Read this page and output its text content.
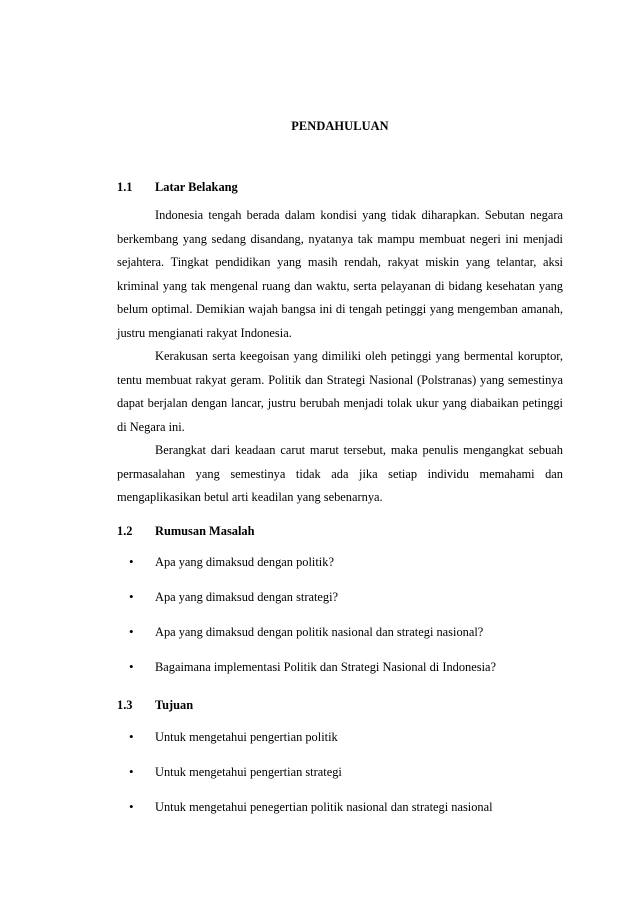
PENDAHULUAN
1.1 Latar Belakang

Indonesia tengah berada dalam kondisi yang tidak diharapkan. Sebutan negara berkembang yang sedang disandang, nyatanya tak mampu membuat negeri ini menjadi sejahtera. Tingkat pendidikan yang masih rendah, rakyat miskin yang telantar, aksi kriminal yang tak mengenal ruang dan waktu, serta pelayanan di bidang kesehatan yang belum optimal. Demikian wajah bangsa ini di tengah petinggi yang mengemban amanah, justru mengianati rakyat Indonesia.

Kerakusan serta keegoisan yang dimiliki oleh petinggi yang bermental koruptor, tentu membuat rakyat geram. Politik dan Strategi Nasional (Polstranas) yang semestinya dapat berjalan dengan lancar, justru berubah menjadi tolak ukur yang diabaikan petinggi di Negara ini.

Berangkat dari keadaan carut marut tersebut, maka penulis mengangkat sebuah permasalahan yang semestinya tidak ada jika setiap individu memahami dan mengaplikasikan betul arti keadilan yang sebenarnya.

1.2 Rumusan Masalah
• Apa yang dimaksud dengan politik?
• Apa yang dimaksud dengan strategi?
• Apa yang dimaksud dengan politik nasional dan strategi nasional?
• Bagaimana implementasi Politik dan Strategi Nasional di Indonesia?
1.3 Tujuan
• Untuk mengetahui pengertian politik
• Untuk mengetahui pengertian strategi
• Untuk mengetahui penegertian politik nasional dan strategi nasional
